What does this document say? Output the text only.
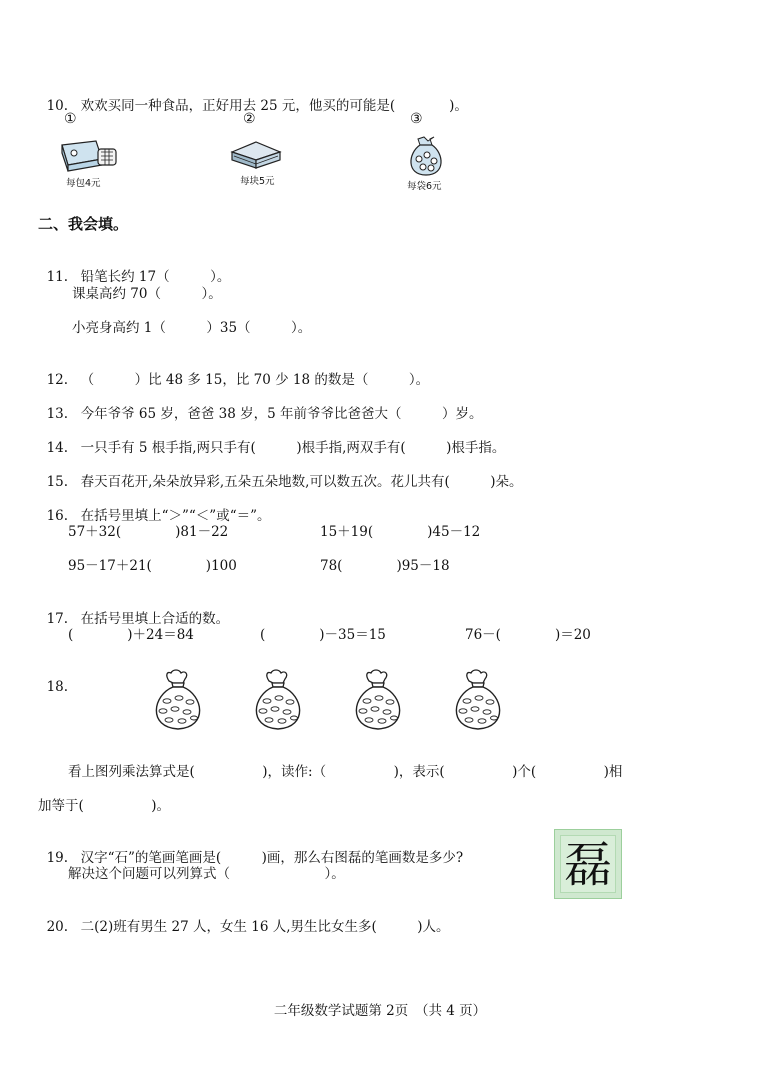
10. 欢欢买同一种食品，正好用去 25 元，他买的可能是(　　　　)。

①	②	③
每包4元	每块5元	每袋6元
二、我会填。

11. 铅笔长约 17（　　　）。

课桌高约 70（　　　）。
小亮身高约 1（　　　）35（　　　）。

12. （　　　）比 48 多 15，比 70 少 18 的数是（　　　）。

13. 今年爷爷 65 岁，爸爸 38 岁，5 年前爷爷比爸爸大（　　　）岁。

14. 一只手有 5 根手指,两只手有(　　　)根手指,两双手有(　　　)根手指。

15. 春天百花开,朵朵放异彩,五朵五朵地数,可以数五次。花儿共有(　　　)朵。

16. 在括号里填上“＞”“＜”或“＝”。

57＋32(　　　　)81－22	15＋19(　　　　)45－12
95－17＋21(　　　　)100	78(　　　　)95－18

17. 在括号里填上合适的数。

(　　　　)＋24＝84	(　　　　)－35＝15	76－(　　　　)＝20

18.

看上图列乘法算式是(　　　　　)，读作:（　　　　　)，表示(　　　　　)个(　　　　　)相
加等于(　　　　　)。

19. 汉字“石”的笔画笔画是(　　　)画，那么右图磊的笔画数是多少?

解决这个问题可以列算式（　　　　　　　）。	磊

20. 二(2)班有男生 27 人，女生 16 人,男生比女生多(　　　)人。

二年级数学试题第 2页　（共 4 页）
